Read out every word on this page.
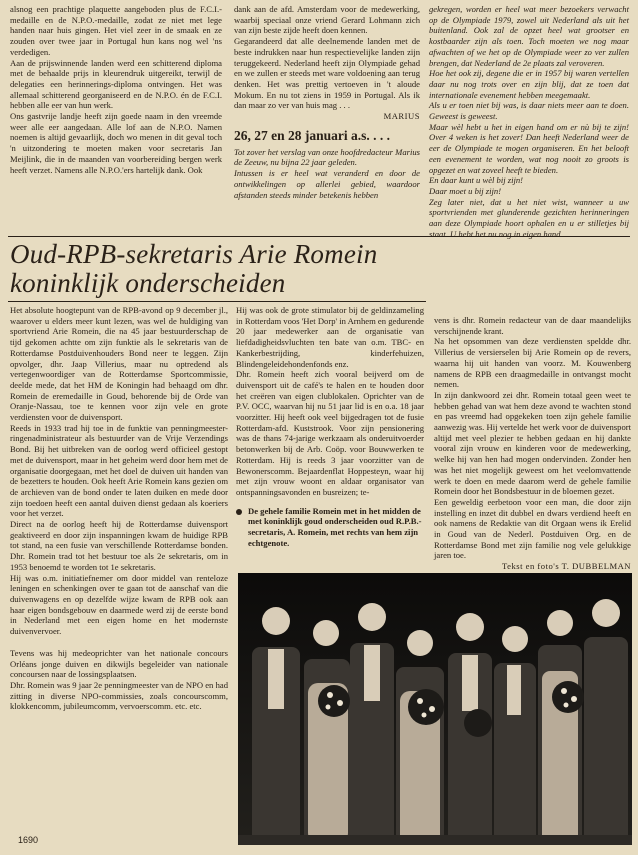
alsnog een prachtige plaquette aangeboden plus de F.C.I.-medaille en de N.P.O.-medaille, zodat ze niet met lege handen naar huis gingen. Het viel zeer in de smaak en ze zouden over twee jaar in Portugal hun kans nog wel 'ns verdedigen.

Aan de prijswinnende landen werd een schitterend diploma met de behaalde prijs in kleurendruk uitgereikt, terwijl de delegaties een herinnerings-diploma ontvingen. Het was allemaal schitterend georganiseerd en de N.P.O. én de F.C.I. hebben alle eer van hun werk.

Ons gastvrije landje heeft zijn goede naam in den vreemde weer alle eer aangedaan. Alle lof aan de N.P.O. Namen noemen is altijd gevaarlijk, doch wo menen in dit geval toch 'n uitzondering te moeten maken voor secretaris Jan Meijlink, die in de maanden van voorbereiding bergen werk heeft verzet. Namens alle N.P.O.'ers hartelijk dank. Ook

dank aan de afd. Amsterdam voor de medewerking, waarbij speciaal onze vriend Gerard Lohmann zich van zijn beste zijde heeft doen kennen.

Gegarandeerd dat alle deelnemende landen met de beste indrukken naar hun respectievelijke landen zijn teruggekeerd. Nederland heeft zijn Olympiade gehad en we zullen er steeds met ware voldoening aan terug denken. Het was prettig vertoeven in 't aloude Mokum. En nu tot ziens in 1959 in Portugal. Als ik dan maar zo ver van huis mag . . .

MARIUS

26, 27 en 28 januari a.s. . . .

Tot zover het verslag van onze hoofdredacteur Marius de Zeeuw, nu bijna 22 jaar geleden.

Intussen is er heel wat veranderd en door de ontwikkelingen op allerlei gebied, waardoor afstanden steeds minder betekenis hebben

gekregen, worden er heel wat meer bezoekers verwacht op de Olympiade 1979, zowel uit Nederland als uit het buitenland. Ook zal de opzet heel wat grootser en kostbaarder zijn als toen. Toch moeten we nog maar afwachten of we het op de Olympiade weer zo ver zullen brengen, dat Nederland de 2e plaats zal veroveren.

Hoe het ook zij, degene die er in 1957 bij waren vertellen daar nu nog trots over en zijn blij, dat ze toen dat internationale evenement hebben meegemaakt.

Als u er toen niet bij was, is daar niets meer aan te doen. Geweest is geweest.

Maar wèl hebt u het in eigen hand om er nù bij te zijn! Over 4 weken is het zover! Dan heeft Nederland weer de eer de Olympiade te mogen organiseren. En het belooft een evenement te worden, wat nog nooit zo groots is opgezet en wat zoveel heeft te bieden.

En daar kunt u wèl bij zijn!

Daar moet u bij zijn!

Zeg later niet, dat u het niet wist, wanneer u uw sportvrienden met glunderende gezichten herinneringen aan deze Olympiade hoort ophalen en u er stilletjes bij staat. U hebt het nu nog in eigen hand . . .

Oud-RPB-sekretaris Arie Romein koninklijk onderscheiden

Het absolute hoogtepunt van de RPB-avond op 9 december jl., waarover u elders meer kunt lezen, was wel de huldiging van sportvriend Arie Romein, die na 45 jaar bestuurderschap de tijd gekomen achtte om zijn funktie als le sekretaris van de Rotterdamse Postduivenhouders Bond neer te leggen. Zijn opvolger, dhr. Jaap Villerius, maar nu optredend als vertegenwoordiger van de Rotterdamse Sportcommissie, deelde mede, dat het HM de Koningin had behaagd om dhr. Romein de eremedaille in Goud, behorende bij de Orde van Oranje-Nassau, toe te kennen voor zijn vele en grote verdiensten voor de duivensport.

Reeds in 1933 trad hij toe in de funktie van penningmeester-ringenadministrateur als bestuurder van de Vrije Verzendings Bond. Bij het uitbreken van de oorlog werd officieel gestopt met de duivensport, maar in het geheim werd door hem met de organisatie doorgegaan, met het doel de duiven uit handen van de bezetters te houden. Ook heeft Arie Romein kans gezien om de archieven van de bond onder te laten duiken en mede door zijn toedoen heeft een aantal duiven dienst gedaan als koeriers voor het verzet.

Direct na de oorlog heeft hij de Rotterdamse duivensport geaktiveerd en door zijn inspanningen kwam de huidige RPB tot stand, na een fusie van verschillende Rotterdamse bonden. Dhr. Romein trad tot het bestuur toe als 2e sekretaris, om in 1953 benoemd te worden tot 1e sekretaris.

Hij was o.m. initiatiefnemer om door middel van renteloze leningen en schenkingen over te gaan tot de aanschaf van die duivenwagens en op dezelfde wijze kwam de RPB ook aan haar eigen bondsgebouw en daarmede werd zij de eerste bond in Nederland met een eigen home en het modernste duivenvervoer.

Tevens was hij medeoprichter van het nationale concours Orléans jonge duiven en dikwijls begeleider van nationale concoursen naar de lossingsplaatsen.

Dhr. Romein was 9 jaar 2e penningmeester van de NPO en had zitting in diverse NPO-commissies, zoals concourscomm, klokkencomm, jubileumcomm, vervoerscomm. etc. etc.

Hij was ook de grote stimulator bij de geldinzameling in Rotterdam voos 'Het Dorp' in Arnhem en gedurende 20 jaar medewerker aan de organisatie van liefdadigheidsvluchten ten bate van o.m. TBC- en Kankerbestrijding, kinderfehuizen, Blindengeleidehondenfonds enz.

Dhr. Romein heeft zich vooral beijverd om de duivensport uit de café's te halen en te houden door het creëren van eigen clublokalen. Oprichter van de P.V. OCC, waarvan hij nu 51 jaar lid is en o.a. 18 jaar voorzitter. Hij heeft ook veel bijgedragen tot de fusie Rotterdam-afd. Kuststrook. Voor zijn pensionering was de thans 74-jarige werkzaam als onderuitvoerder betonwerken bij de Arb. Coöp. voor Bouwwerken te Rotterdam. Hij is reeds 3 jaar voorzitter van de Bewonerscomm. Bejaardenflat Hoppesteyn, waar hij met zijn vrouw woont en aldaar organisator van ontspanningsavonden en busreizen; te-

De gehele familie Romein met in het midden de met koninklijk goud onderscheiden oud R.P.B.-secretaris, A. Romein, met rechts van hem zijn echtgenote.

vens is dhr. Romein redacteur van de daar maandelijks verschijnende krant.

Na het opsommen van deze verdiensten speldde dhr. Villerius de versierselen bij Arie Romein op de revers, waarna hij uit handen van voorz. M. Kouwenberg namens de RPB een draagmedaille in ontvangst mocht nemen.

In zijn dankwoord zei dhr. Romein totaal geen weet te hebben gehad van wat hem deze avond te wachten stond en pas vreemd had opgekeken toen zijn gehele familie aanwezig was. Hij vertelde het werk voor de duivensport altijd met veel plezier te hebben gedaan en hij dankte vooral zijn vrouw en kinderen voor de medewerking, welke hij van hen had mogen ondervinden. Zonder hen was het niet mogelijk geweest om het veelomvattende werk te doen en mede daarom werd de gehele familie Romein door het Bondsbestuur in de bloemen gezet.

Een geweldig eerbetoon voor een man, die door zijn instelling en inzet dit dubbel en dwars verdiend heeft en ook namens de Redaktie van dit Orgaan wens ik Erelid in Goud van de Nederl. Postduiven Org. en de Rotterdamse Bond met zijn familie nog vele gelukkige jaren toe.

Tekst en foto's T. DUBBELMAN

1690
